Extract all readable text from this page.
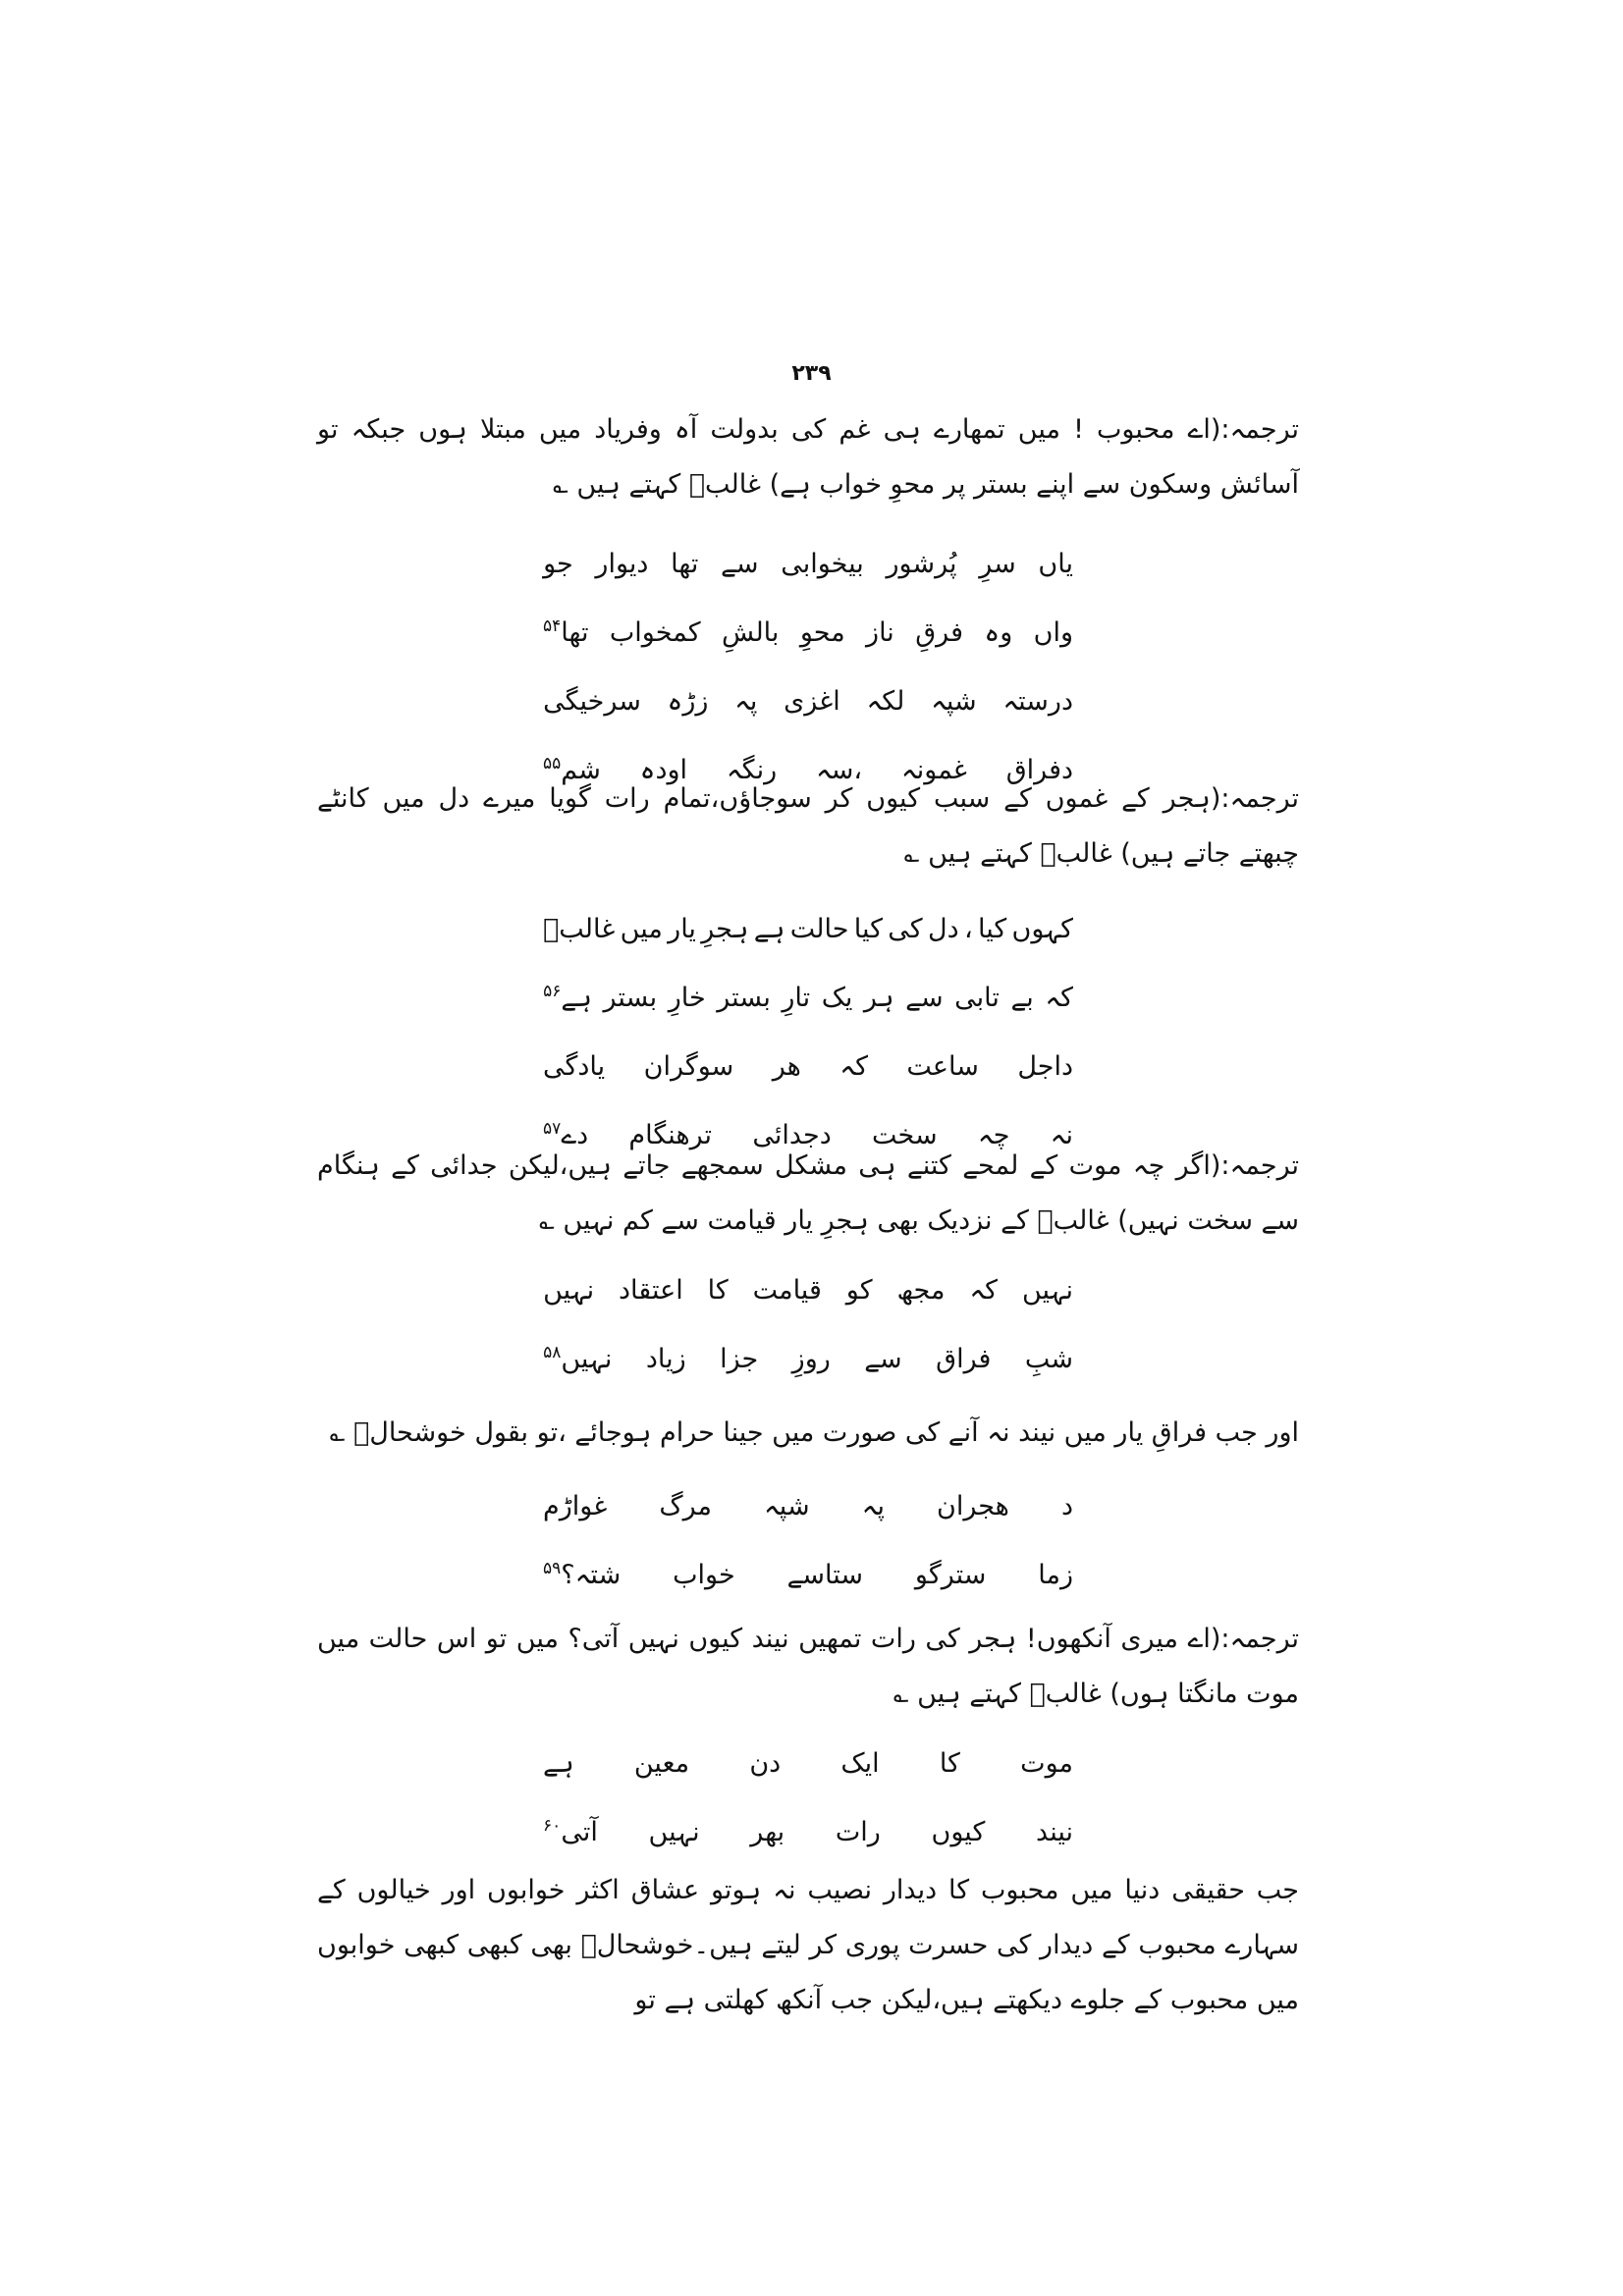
۲۳۹
ترجمہ:(اے محبوب ! میں تمھارے ہی غم کی بدولت آہ وفریاد میں مبتلا ہوں جبکہ تو آسائش وسکون سے اپنے بستر پر محوِ خواب ہے) غالبؔ کہتے ہیں ؎
یاں
سرِ
پُرشور
بیخوابی
سے
تھا
دیوار
جو
واں
وہ
فرقِ
ناز
محوِ
بالشِ
کمخواب
تھا$^{۵۴}$
درستہ
شپہ
لکہ
اغزی
پہ
زڑہ
سرخیگی
دفراق
غمونہ
،سہ
رنگہ
اودہ
شم$^{۵۵}$
ترجمہ:(ہجر کے غموں کے سبب کیوں کر سوجاؤں،تمام رات گویا میرے دل میں کانٹے چبھتے جاتے ہیں) غالبؔ کہتے ہیں ؎
کہوں
کیا
،
دل
کی
کیا
حالت
ہے
ہجرِ
یار
میں
غالبؔ
کہ
بے
تابی
سے
ہر
یک
تارِ
بستر
خارِ
بستر
ہے$^{۵۶}$
داجل
ساعت
کہ
ھر
سوگران
یادگی
نہ
چہ
سخت
دجدائی
ترھنگام
دے$^{۵۷}$
ترجمہ:(اگر چہ موت کے لمحے کتنے ہی مشکل سمجھے جاتے ہیں،لیکن جدائی کے ہنگام سے سخت نہیں) غالبؔ کے نزدیک بھی ہجرِ یار قیامت سے کم نہیں ؎
نہیں
کہ
مجھ
کو
قیامت
کا
اعتقاد
نہیں
شبِ
فراق
سے
روزِ
جزا
زیاد
نہیں$^{۵۸}$
اور جب فراقِ یار میں نیند نہ آنے کی صورت میں جینا حرام ہوجائے ،تو بقول خوشحالؔ ؎
د
ھجران
پہ
شپہ
مرگ
غواڑم
زما
سترگو
ستاسے
خواب
شتہ؟$^{۵۹}$
ترجمہ:(اے میری آنکھوں! ہجر کی رات تمھیں نیند کیوں نہیں آتی؟ میں تو اس حالت میں موت مانگتا ہوں) غالبؔ کہتے ہیں ؎
موت
کا
ایک
دن
معین
ہے
نیند
کیوں
رات
بھر
نہیں
آتی$^{۶۰}$
جب حقیقی دنیا میں محبوب کا دیدار نصیب نہ ہوتو عشاق اکثر خوابوں اور خیالوں کے سہارے محبوب کے دیدار کی حسرت پوری کر لیتے ہیں۔خوشحالؔ بھی کبھی کبھی خوابوں میں محبوب کے جلوے دیکھتے ہیں،لیکن جب آنکھ کھلتی ہے تو
